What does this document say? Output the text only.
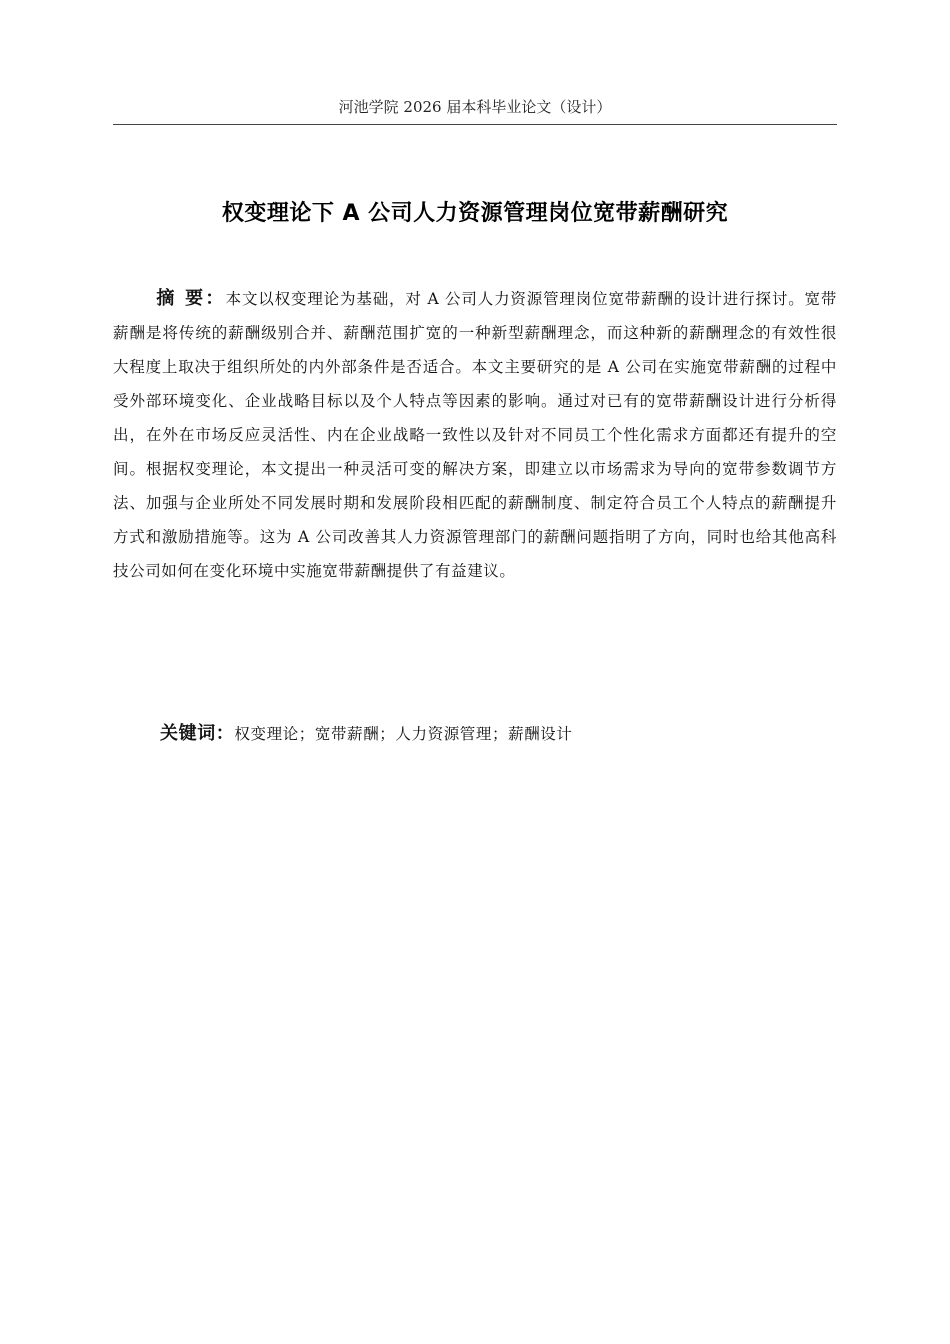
河池学院 2026 届本科毕业论文（设计）
权变理论下 A 公司人力资源管理岗位宽带薪酬研究

摘 要：本文以权变理论为基础，对 A 公司人力资源管理岗位宽带薪酬的设计进行探讨。宽带薪酬是将传统的薪酬级别合并、薪酬范围扩宽的一种新型薪酬理念，而这种新的薪酬理念的有效性很大程度上取决于组织所处的内外部条件是否适合。本文主要研究的是 A 公司在实施宽带薪酬的过程中受外部环境变化、企业战略目标以及个人特点等因素的影响。通过对已有的宽带薪酬设计进行分析得出，在外在市场反应灵活性、内在企业战略一致性以及针对不同员工个性化需求方面都还有提升的空间。根据权变理论，本文提出一种灵活可变的解决方案，即建立以市场需求为导向的宽带参数调节方法、加强与企业所处不同发展时期和发展阶段相匹配的薪酬制度、制定符合员工个人特点的薪酬提升方式和激励措施等。这为 A 公司改善其人力资源管理部门的薪酬问题指明了方向，同时也给其他高科技公司如何在变化环境中实施宽带薪酬提供了有益建议。

关键词：权变理论；宽带薪酬；人力资源管理；薪酬设计
